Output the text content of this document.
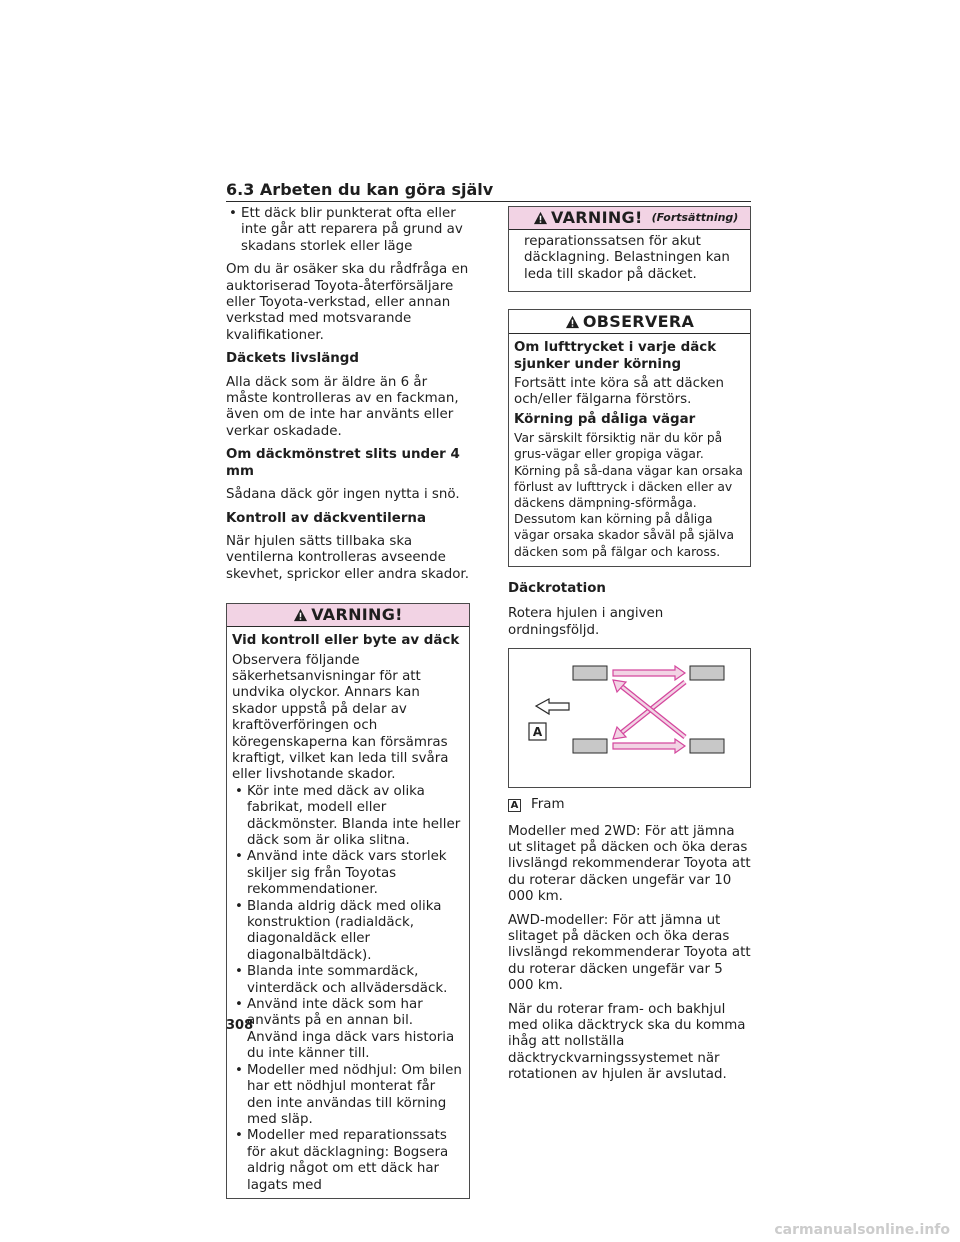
6.3 Arbeten du kan göra själv
• Ett däck blir punkterat ofta eller inte går att reparera på grund av skadans storlek eller läge

Om du är osäker ska du rådfråga en auktoriserad Toyota-återförsäljare eller Toyota-verkstad, eller annan verkstad med motsvarande kvalifikationer.

Däckets livslängd

Alla däck som är äldre än 6 år måste kontrolleras av en fackman, även om de inte har använts eller verkar oskadade.

Om däckmönstret slits under 4 mm

Sådana däck gör ingen nytta i snö.

Kontroll av däckventilerna

När hjulen sätts tillbaka ska ventilerna kontrolleras avseende skevhet, sprickor eller andra skador.

VARNING!

Vid kontroll eller byte av däck

Observera följande säkerhetsanvisningar för att undvika olyckor. Annars kan skador uppstå på delar av kraftöverföringen och köregenskaperna kan försämras kraftigt, vilket kan leda till svåra eller livshotande skador.

• Kör inte med däck av olika fabrikat, modell eller däckmönster. Blanda inte heller däck som är olika slitna.
• Använd inte däck vars storlek skiljer sig från Toyotas rekommendationer.
• Blanda aldrig däck med olika konstruktion (radialdäck, diagonaldäck eller diagonalbältdäck).
• Blanda inte sommardäck, vinterdäck och allvädersdäck.
• Använd inte däck som har använts på en annan bil. Använd inga däck vars historia du inte känner till.
• Modeller med nödhjul: Om bilen har ett nödhjul monterat får den inte användas till körning med släp.
• Modeller med reparationssats för akut däcklagning: Bogsera aldrig något om ett däck har lagats med
VARNING! (Fortsättning)

reparationssatsen för akut däcklagning. Belastningen kan leda till skador på däcket.

OBSERVERA

Om lufttrycket i varje däck sjunker under körning

Fortsätt inte köra så att däcken och/eller fälgarna förstörs.

Körning på dåliga vägar

Var särskilt försiktig när du kör på grus-vägar eller gropiga vägar. Körning på så-dana vägar kan orsaka förlust av lufttryck i däcken eller av däckens dämpning-sförmåga. Dessutom kan körning på dåliga vägar orsaka skador såväl på själva däcken som på fälgar och kaross.

Däckrotation

Rotera hjulen i angiven ordningsföljd.

A
A Fram

Modeller med 2WD: För att jämna ut slitaget på däcken och öka deras livslängd rekommenderar Toyota att du roterar däcken ungefär var 10 000 km.

AWD-modeller: För att jämna ut slitaget på däcken och öka deras livslängd rekommenderar Toyota att du roterar däcken ungefär var 5 000 km.

När du roterar fram- och bakhjul med olika däcktryck ska du komma ihåg att nollställa däcktryckvarningssystemet när rotationen av hjulen är avslutad.

308
carmanualsonline.info
